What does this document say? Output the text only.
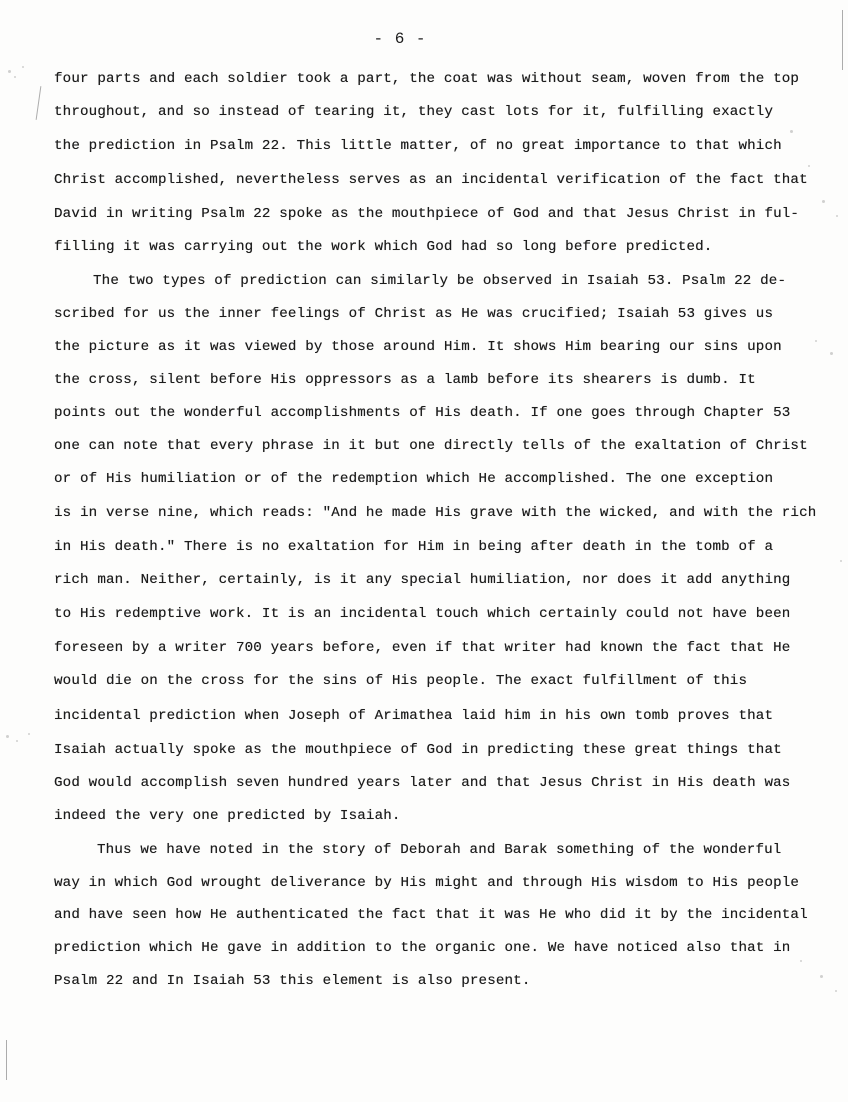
- 6 -
four parts and each soldier took a part, the coat was without seam, woven from the top
throughout, and so instead of tearing it, they cast lots for it, fulfilling exactly
the prediction in Psalm 22. This little matter, of no great importance to that which
Christ accomplished, nevertheless serves as an incidental verification of the fact that
David in writing Psalm 22 spoke as the mouthpiece of God and that Jesus Christ in ful-
filling it was carrying out the work which God had so long before predicted.
The two types of prediction can similarly be observed in Isaiah 53. Psalm 22 de-
scribed for us the inner feelings of Christ as He was crucified; Isaiah 53 gives us
the picture as it was viewed by those around Him. It shows Him bearing our sins upon
the cross, silent before His oppressors as a lamb before its shearers is dumb. It
points out the wonderful accomplishments of His death. If one goes through Chapter 53
one can note that every phrase in it but one directly tells of the exaltation of Christ
or of His humiliation or of the redemption which He accomplished. The one exception
is in verse nine, which reads: "And he made His grave with the wicked, and with the rich
in His death." There is no exaltation for Him in being after death in the tomb of a
rich man. Neither, certainly, is it any special humiliation, nor does it add anything
to His redemptive work. It is an incidental touch which certainly could not have been
foreseen by a writer 700 years before, even if that writer had known the fact that He
would die on the cross for the sins of His people. The exact fulfillment of this
incidental prediction when Joseph of Arimathea laid him in his own tomb proves that
Isaiah actually spoke as the mouthpiece of God in predicting these great things that
God would accomplish seven hundred years later and that Jesus Christ in His death was
indeed the very one predicted by Isaiah.
Thus we have noted in the story of Deborah and Barak something of the wonderful
way in which God wrought deliverance by His might and through His wisdom to His people
and have seen how He authenticated the fact that it was He who did it by the incidental
prediction which He gave in addition to the organic one. We have noticed also that in
Psalm 22 and In Isaiah 53 this element is also present.
